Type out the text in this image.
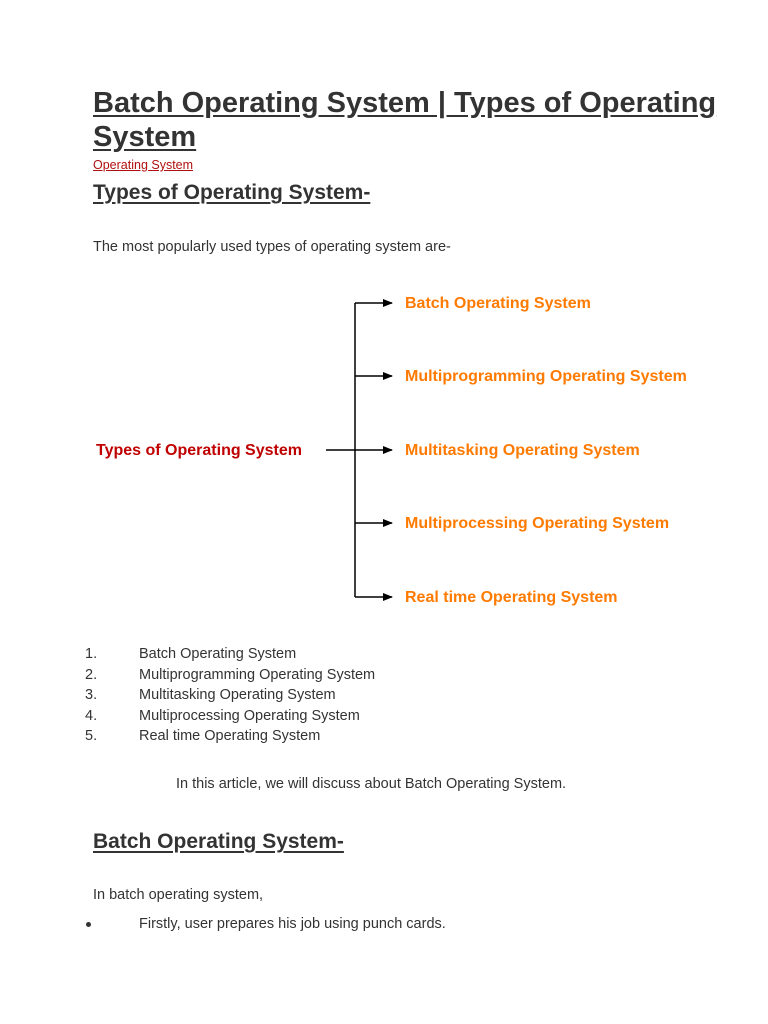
Batch Operating System | Types of Operating System
Operating System
Types of Operating System-

The most popularly used types of operating system are-

Types of Operating System
Batch Operating System
Multiprogramming Operating System
Multitasking Operating System
Multiprocessing Operating System
Real time Operating System
1.	Batch Operating System
2.	Multiprogramming Operating System
3.	Multitasking Operating System
4.	Multiprocessing Operating System
5.	Real time Operating System

In this article, we will discuss about Batch Operating System.

Batch Operating System-

In batch operating system,

Firstly, user prepares his job using punch cards.
